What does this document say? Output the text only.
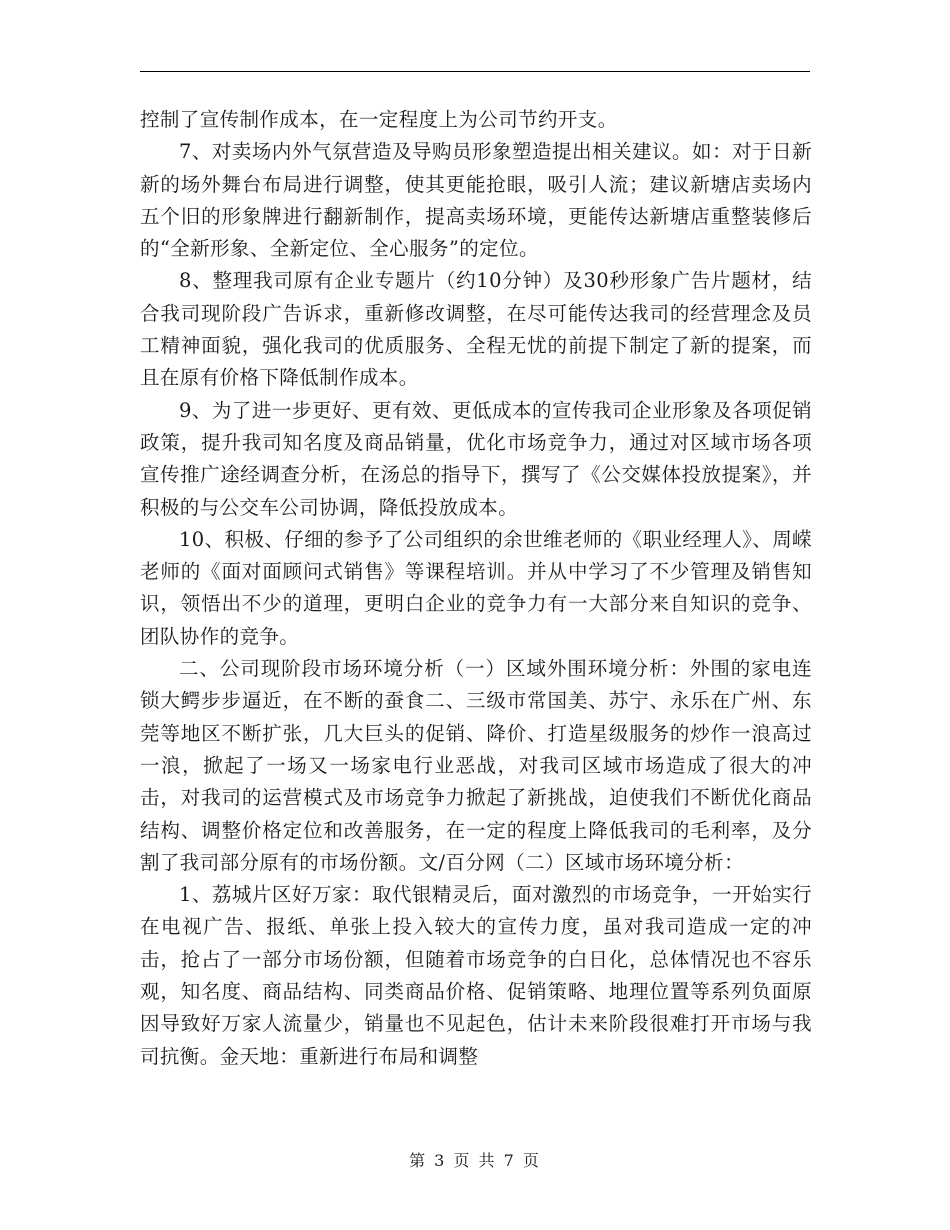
控制了宣传制作成本，在一定程度上为公司节约开支。

7、对卖场内外气氛营造及导购员形象塑造提出相关建议。如：对于日新新的场外舞台布局进行调整，使其更能抢眼，吸引人流；建议新塘店卖场内五个旧的形象牌进行翻新制作，提高卖场环境，更能传达新塘店重整装修后的“全新形象、全新定位、全心服务”的定位。

8、整理我司原有企业专题片（约10分钟）及30秒形象广告片题材，结合我司现阶段广告诉求，重新修改调整，在尽可能传达我司的经营理念及员工精神面貌，强化我司的优质服务、全程无忧的前提下制定了新的提案，而且在原有价格下降低制作成本。

9、为了进一步更好、更有效、更低成本的宣传我司企业形象及各项促销政策，提升我司知名度及商品销量，优化市场竞争力，通过对区域市场各项宣传推广途经调查分析，在汤总的指导下，撰写了《公交媒体投放提案》，并积极的与公交车公司协调，降低投放成本。

10、积极、仔细的参予了公司组织的余世维老师的《职业经理人》、周嵘老师的《面对面顾问式销售》等课程培训。并从中学习了不少管理及销售知识，领悟出不少的道理，更明白企业的竞争力有一大部分来自知识的竞争、团队协作的竞争。

二、公司现阶段市场环境分析（一）区域外围环境分析：外围的家电连锁大鳄步步逼近，在不断的蚕食二、三级市常国美、苏宁、永乐在广州、东莞等地区不断扩张，几大巨头的促销、降价、打造星级服务的炒作一浪高过一浪，掀起了一场又一场家电行业恶战，对我司区域市场造成了很大的冲击，对我司的运营模式及市场竞争力掀起了新挑战，迫使我们不断优化商品结构、调整价格定位和改善服务，在一定的程度上降低我司的毛利率，及分割了我司部分原有的市场份额。文/百分网（二）区域市场环境分析：

1、荔城片区好万家：取代银精灵后，面对激烈的市场竞争，一开始实行在电视广告、报纸、单张上投入较大的宣传力度，虽对我司造成一定的冲击，抢占了一部分市场份额，但随着市场竞争的白日化，总体情况也不容乐观，知名度、商品结构、同类商品价格、促销策略、地理位置等系列负面原因导致好万家人流量少，销量也不见起色，估计未来阶段很难打开市场与我司抗衡。金天地：重新进行布局和调整

第 3 页 共 7 页
